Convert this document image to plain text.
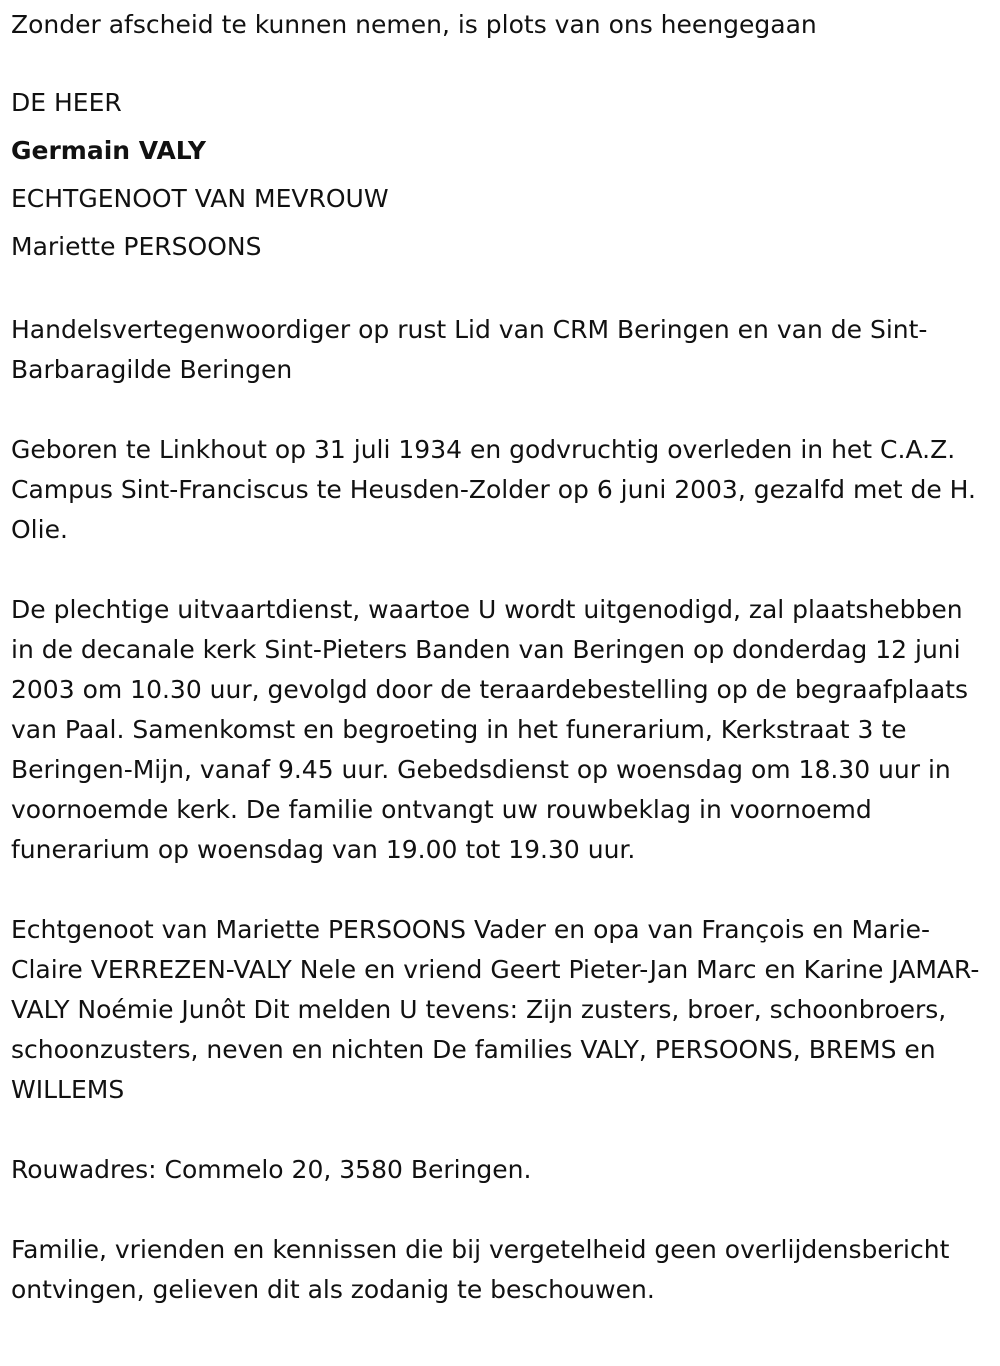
Zonder afscheid te kunnen nemen, is plots van ons heengegaan

DE HEER

Germain VALY

ECHTGENOOT VAN MEVROUW

Mariette PERSOONS

Handelsvertegenwoordiger op rust Lid van CRM Beringen en van de Sint-Barbaragilde Beringen

Geboren te Linkhout op 31 juli 1934 en godvruchtig overleden in het C.A.Z. Campus Sint-Franciscus te Heusden-Zolder op 6 juni 2003, gezalfd met de H. Olie.

De plechtige uitvaartdienst, waartoe U wordt uitgenodigd, zal plaatshebben in de decanale kerk Sint-Pieters Banden van Beringen op donderdag 12 juni 2003 om 10.30 uur, gevolgd door de teraardebestelling op de begraafplaats van Paal. Samenkomst en begroeting in het funerarium, Kerkstraat 3 te Beringen-Mijn, vanaf 9.45 uur. Gebedsdienst op woensdag om 18.30 uur in voornoemde kerk. De familie ontvangt uw rouwbeklag in voornoemd funerarium op woensdag van 19.00 tot 19.30 uur.

Echtgenoot van Mariette PERSOONS Vader en opa van François en Marie-Claire VERREZEN-VALY Nele en vriend Geert Pieter-Jan Marc en Karine JAMAR-VALY Noémie Junôt Dit melden U tevens: Zijn zusters, broer, schoonbroers, schoonzusters, neven en nichten De families VALY, PERSOONS, BREMS en WILLEMS

Rouwadres: Commelo 20, 3580 Beringen.

Familie, vrienden en kennissen die bij vergetelheid geen overlijdensbericht ontvingen, gelieven dit als zodanig te beschouwen.
